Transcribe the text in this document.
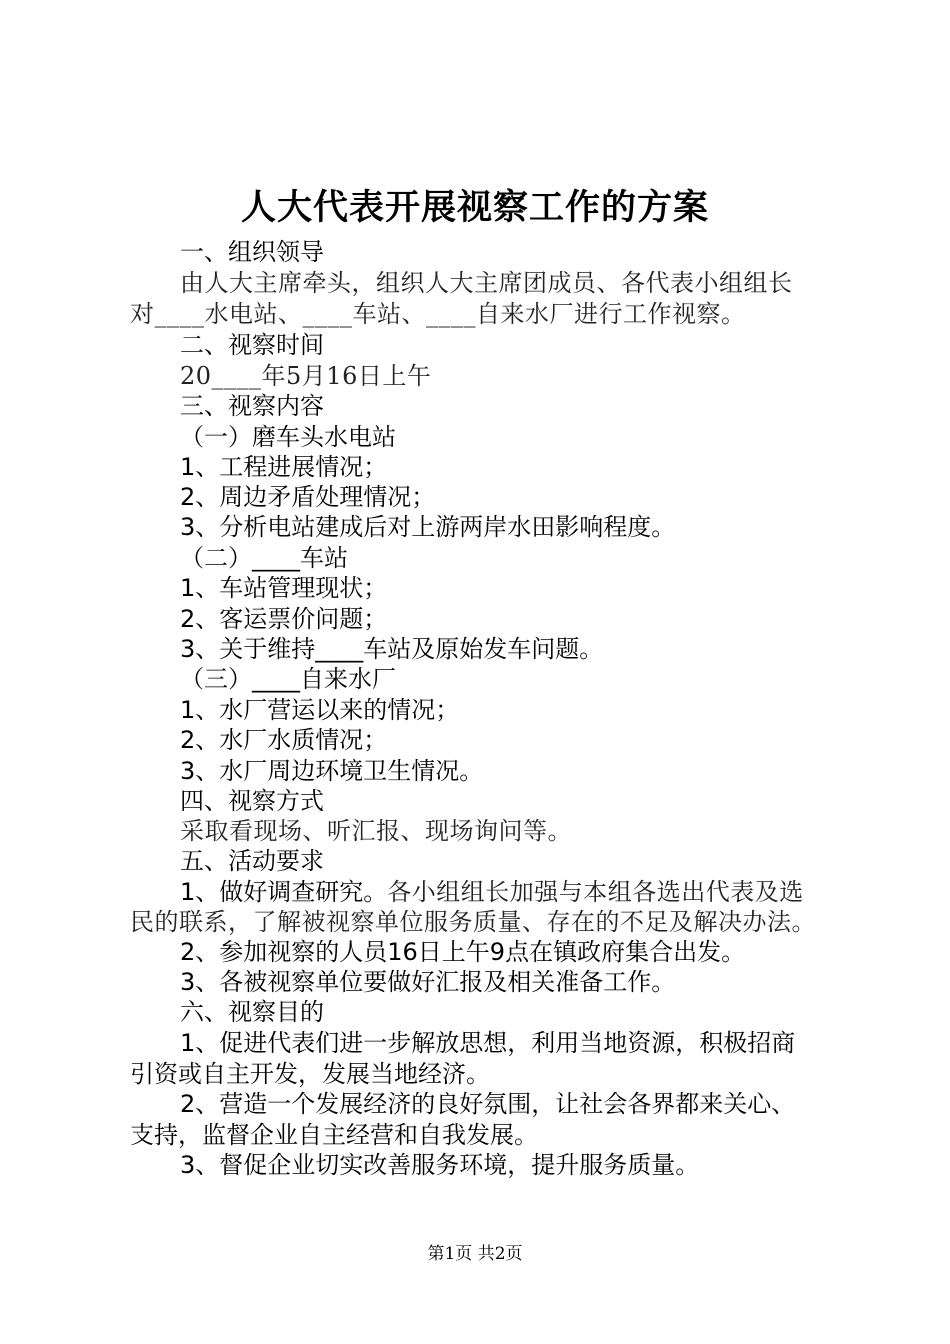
人大代表开展视察工作的方案
一、组织领导
由人大主席牵头，组织人大主席团成员、各代表小组组长
对____水电站、____车站、____自来水厂进行工作视察。
二、视察时间
20____年5月16日上午
三、视察内容
（一）磨车头水电站
1、工程进展情况；
2、周边矛盾处理情况；
3、分析电站建成后对上游两岸水田影响程度。
（二）____车站
1、车站管理现状；
2、客运票价问题；
3、关于维持____车站及原始发车问题。
（三）____自来水厂
1、水厂营运以来的情况；
2、水厂水质情况；
3、水厂周边环境卫生情况。
四、视察方式
采取看现场、听汇报、现场询问等。
五、活动要求
1、做好调查研究。各小组组长加强与本组各选出代表及选
民的联系，了解被视察单位服务质量、存在的不足及解决办法。
2、参加视察的人员16日上午9点在镇政府集合出发。
3、各被视察单位要做好汇报及相关准备工作。
六、视察目的
1、促进代表们进一步解放思想，利用当地资源，积极招商
引资或自主开发，发展当地经济。
2、营造一个发展经济的良好氛围，让社会各界都来关心、
支持，监督企业自主经营和自我发展。
3、督促企业切实改善服务环境，提升服务质量。
第1页 共2页
